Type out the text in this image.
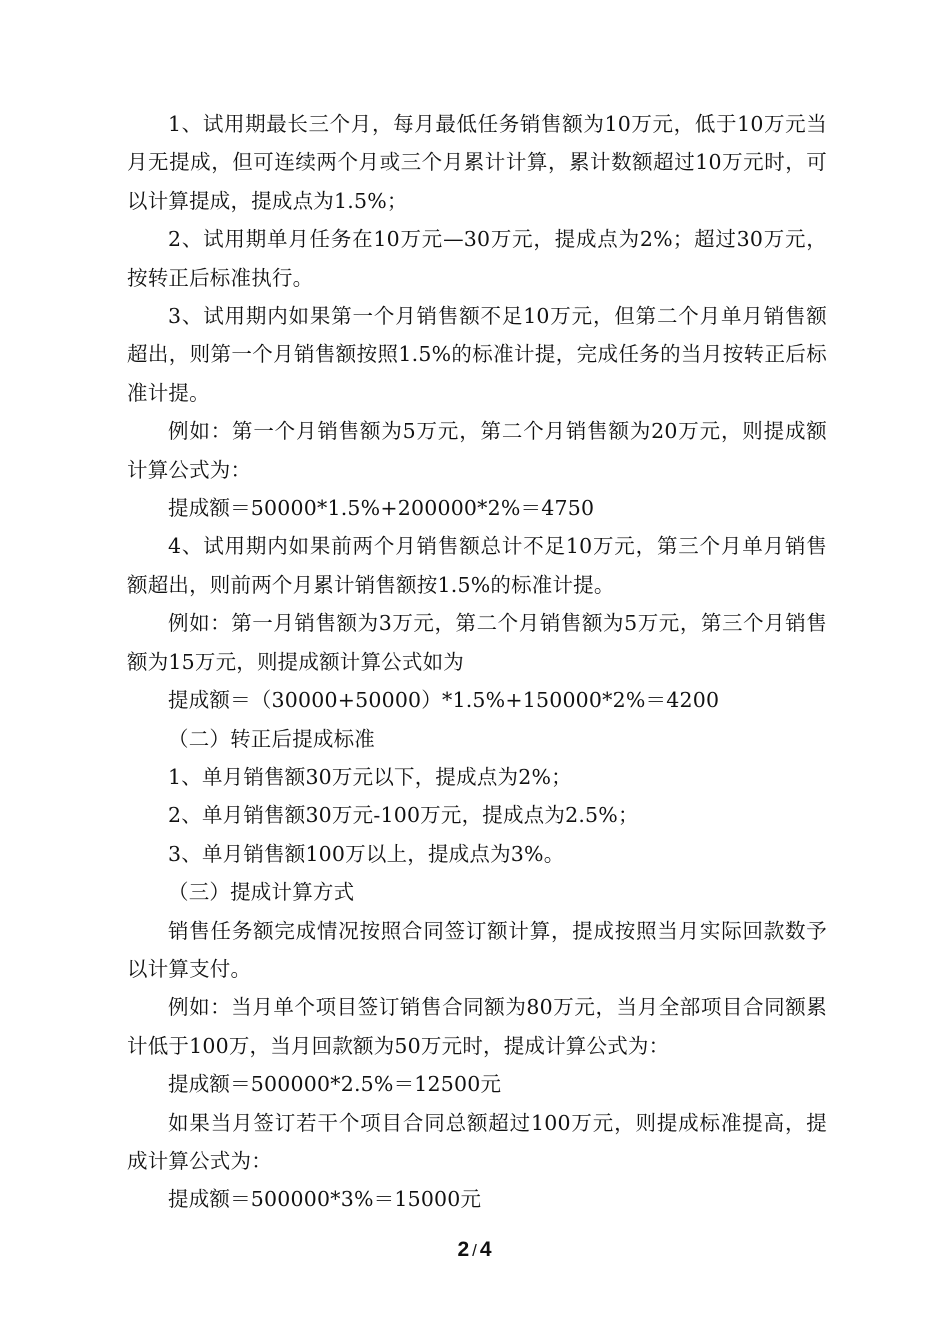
1、试用期最长三个月，每月最低任务销售额为10万元，低于10万元当月无提成，但可连续两个月或三个月累计计算，累计数额超过10万元时，可以计算提成，提成点为1.5%；

2、试用期单月任务在10万元—30万元，提成点为2%；超过30万元，按转正后标准执行。

3、试用期内如果第一个月销售额不足10万元，但第二个月单月销售额超出，则第一个月销售额按照1.5%的标准计提，完成任务的当月按转正后标准计提。

例如：第一个月销售额为5万元，第二个月销售额为20万元，则提成额计算公式为：

提成额＝50000*1.5%+200000*2%＝4750

4、试用期内如果前两个月销售额总计不足10万元，第三个月单月销售额超出，则前两个月累计销售额按1.5%的标准计提。

例如：第一月销售额为3万元，第二个月销售额为5万元，第三个月销售额为15万元，则提成额计算公式如为

提成额＝（30000+50000）*1.5%+150000*2%＝4200

（二）转正后提成标准

1、单月销售额30万元以下，提成点为2%；

2、单月销售额30万元-100万元，提成点为2.5%；

3、单月销售额100万以上，提成点为3%。

（三）提成计算方式

销售任务额完成情况按照合同签订额计算，提成按照当月实际回款数予以计算支付。

例如：当月单个项目签订销售合同额为80万元，当月全部项目合同额累计低于100万，当月回款额为50万元时，提成计算公式为：

提成额＝500000*2.5%＝12500元

如果当月签订若干个项目合同总额超过100万元，则提成标准提高，提成计算公式为：

提成额＝500000*3%＝15000元

2 /4
